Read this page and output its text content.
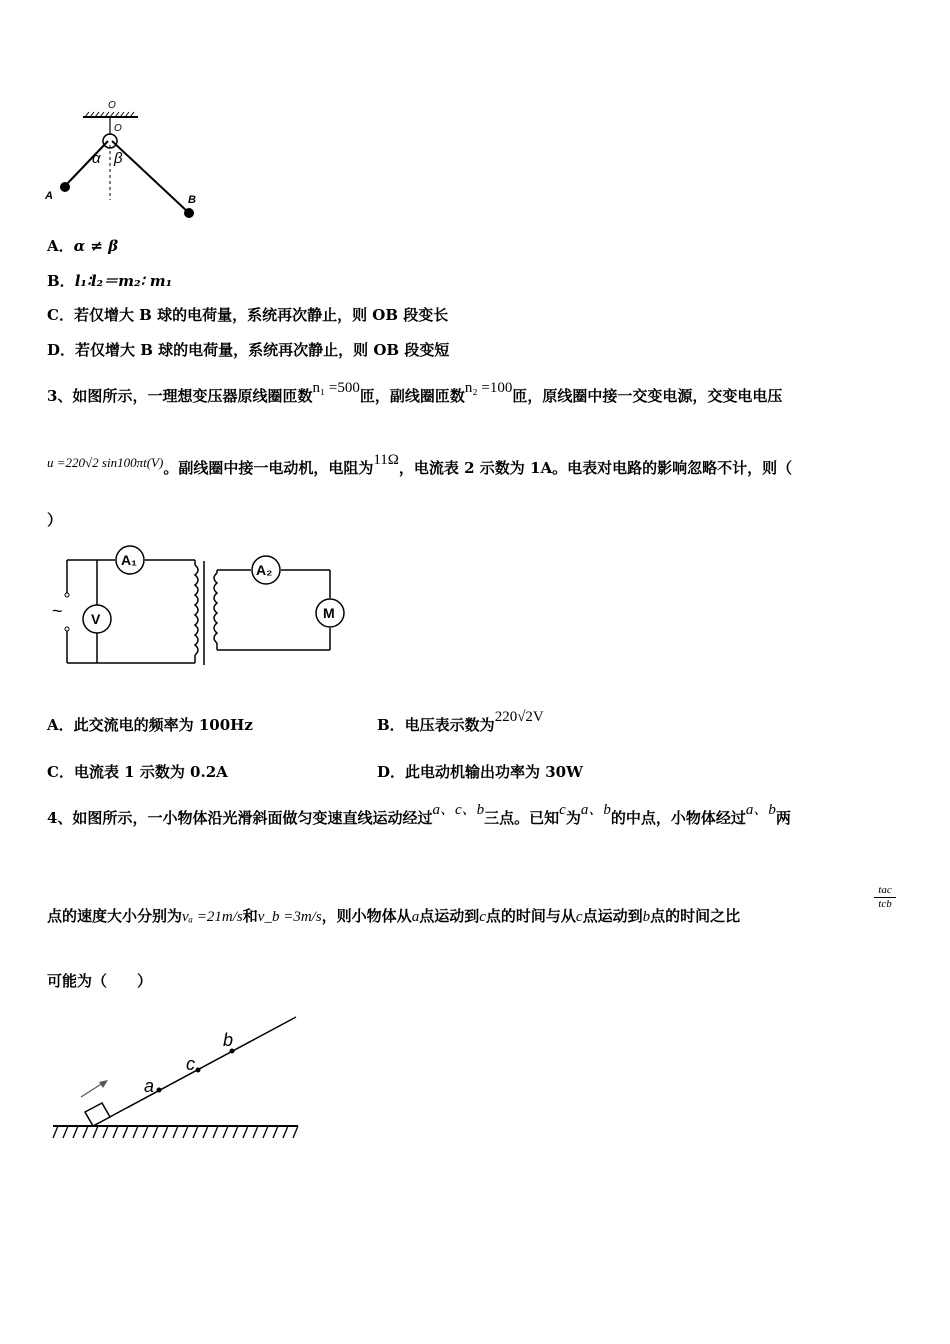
O
O
α β
A	B
A．α ≠ β
B．l₁∶l₂＝m₂∶ m₁
C．若仅增大 B 球的电荷量，系统再次静止，则 OB 段变长
D．若仅增大 B 球的电荷量，系统再次静止，则 OB 段变短
3、如图所示，一理想变压器原线圈匝数n₁ =500匝，副线圈匝数n₂ =100匝，原线圈中接一交变电源，交变电电压
u =220√2 sin100πt(V)。副线圈中接一电动机，电阻为11Ω，电流表 2 示数为 1A。电表对电路的影响忽略不计，则（
）
~
A₁
V
A₂
M
A．此交流电的频率为 100Hz	B．电压表示数为220√2V
C．电流表 1 示数为 0.2A	D．此电动机输出功率为 30W
4、如图所示，一小物体沿光滑斜面做匀变速直线运动经过a、c、b三点。已知c为a、b的中点，小物体经过a、b两
点的速度大小分别为vₐ =21m/s和v_b =3m/s，则小物体从a点运动到c点的时间与从c点运动到b点的时间之比
tac
tcb
可能为（　　）
a
c
b
